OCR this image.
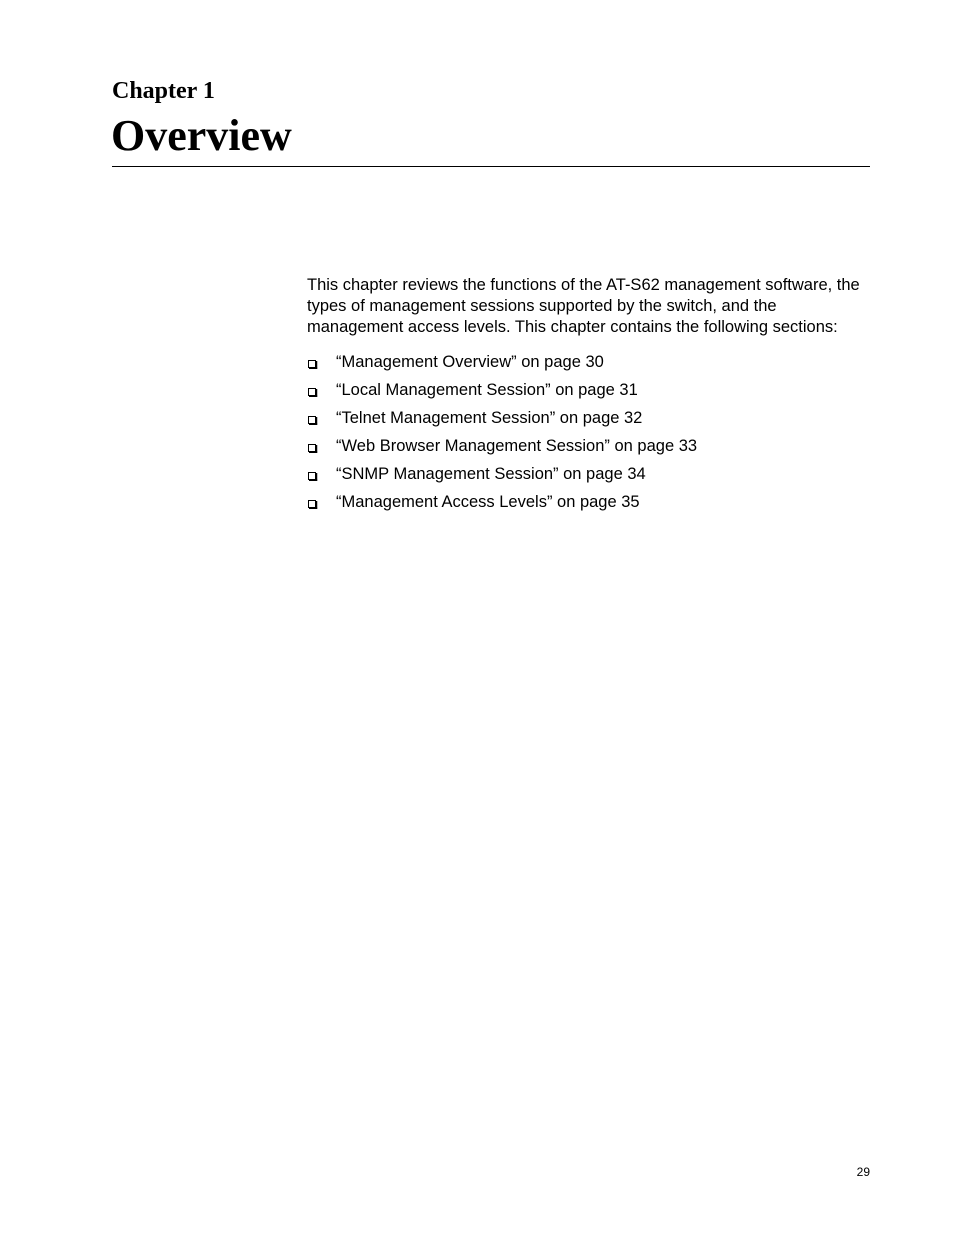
Chapter 1
Overview

This chapter reviews the functions of the AT-S62 management software, the types of management sessions supported by the switch, and the management access levels. This chapter contains the following sections:

“Management Overview” on page 30
“Local Management Session” on page 31
“Telnet Management Session” on page 32
“Web Browser Management Session” on page 33
“SNMP Management Session” on page 34
“Management Access Levels” on page 35
29
